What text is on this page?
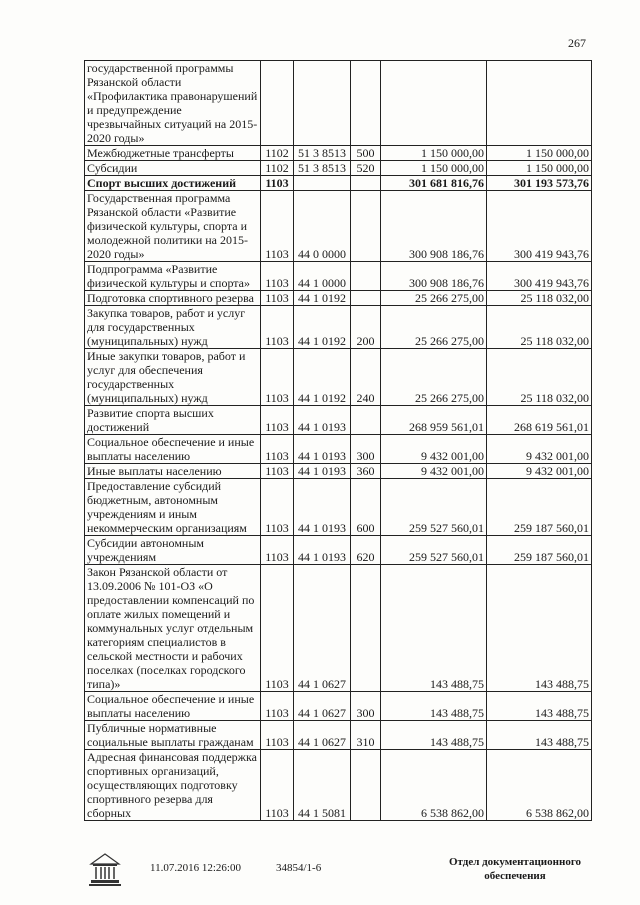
267
государственной программы Рязанской области «Профилактика правонарушений и предупреждение чрезвычайных ситуаций на 2015-2020 годы»					
Межбюджетные трансферты	1102	51 3 8513	500	1 150 000,00	1 150 000,00
Субсидии	1102	51 3 8513	520	1 150 000,00	1 150 000,00
Спорт высших достижений	1103			301 681 816,76	301 193 573,76
Государственная программа Рязанской области «Развитие физической культуры, спорта и молодежной политики на 2015-2020 годы»	1103	44 0 0000		300 908 186,76	300 419 943,76
Подпрограмма «Развитие физической культуры и спорта»	1103	44 1 0000		300 908 186,76	300 419 943,76
Подготовка спортивного резерва	1103	44 1 0192		25 266 275,00	25 118 032,00
Закупка товаров, работ и услуг для государственных (муниципальных) нужд	1103	44 1 0192	200	25 266 275,00	25 118 032,00
Иные закупки товаров, работ и услуг для обеспечения государственных (муниципальных) нужд	1103	44 1 0192	240	25 266 275,00	25 118 032,00
Развитие спорта высших достижений	1103	44 1 0193		268 959 561,01	268 619 561,01
Социальное обеспечение и иные выплаты населению	1103	44 1 0193	300	9 432 001,00	9 432 001,00
Иные выплаты населению	1103	44 1 0193	360	9 432 001,00	9 432 001,00
Предоставление субсидий бюджетным, автономным учреждениям и иным некоммерческим организациям	1103	44 1 0193	600	259 527 560,01	259 187 560,01
Субсидии автономным учреждениям	1103	44 1 0193	620	259 527 560,01	259 187 560,01
Закон Рязанской области от 13.09.2006 № 101-ОЗ «О предоставлении компенсаций по оплате жилых помещений и коммунальных услуг отдельным категориям специалистов в сельской местности и рабочих поселках (поселках городского типа)»	1103	44 1 0627		143 488,75	143 488,75
Социальное обеспечение и иные выплаты населению	1103	44 1 0627	300	143 488,75	143 488,75
Публичные нормативные социальные выплаты гражданам	1103	44 1 0627	310	143 488,75	143 488,75
Адресная финансовая поддержка спортивных организаций, осуществляющих подготовку спортивного резерва для сборных	1103	44 1 5081		6 538 862,00	6 538 862,00
11.07.2016 12:26:00	34854/1-6	Отдел документационного
обеспечения
